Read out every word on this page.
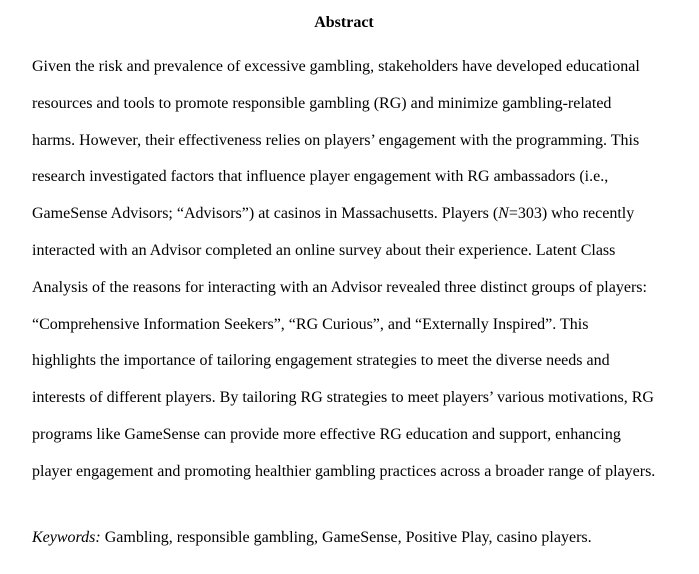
Abstract
Given the risk and prevalence of excessive gambling, stakeholders have developed educational
resources and tools to promote responsible gambling (RG) and minimize gambling-related
harms. However, their effectiveness relies on players’ engagement with the programming. This
research investigated factors that influence player engagement with RG ambassadors (i.e.,
GameSense Advisors; “Advisors”) at casinos in Massachusetts. Players (N=303) who recently
interacted with an Advisor completed an online survey about their experience. Latent Class
Analysis of the reasons for interacting with an Advisor revealed three distinct groups of players:
“Comprehensive Information Seekers”, “RG Curious”, and “Externally Inspired”. This
highlights the importance of tailoring engagement strategies to meet the diverse needs and
interests of different players. By tailoring RG strategies to meet players’ various motivations, RG
programs like GameSense can provide more effective RG education and support, enhancing
player engagement and promoting healthier gambling practices across a broader range of players.
Keywords: Gambling, responsible gambling, GameSense, Positive Play, casino players.
